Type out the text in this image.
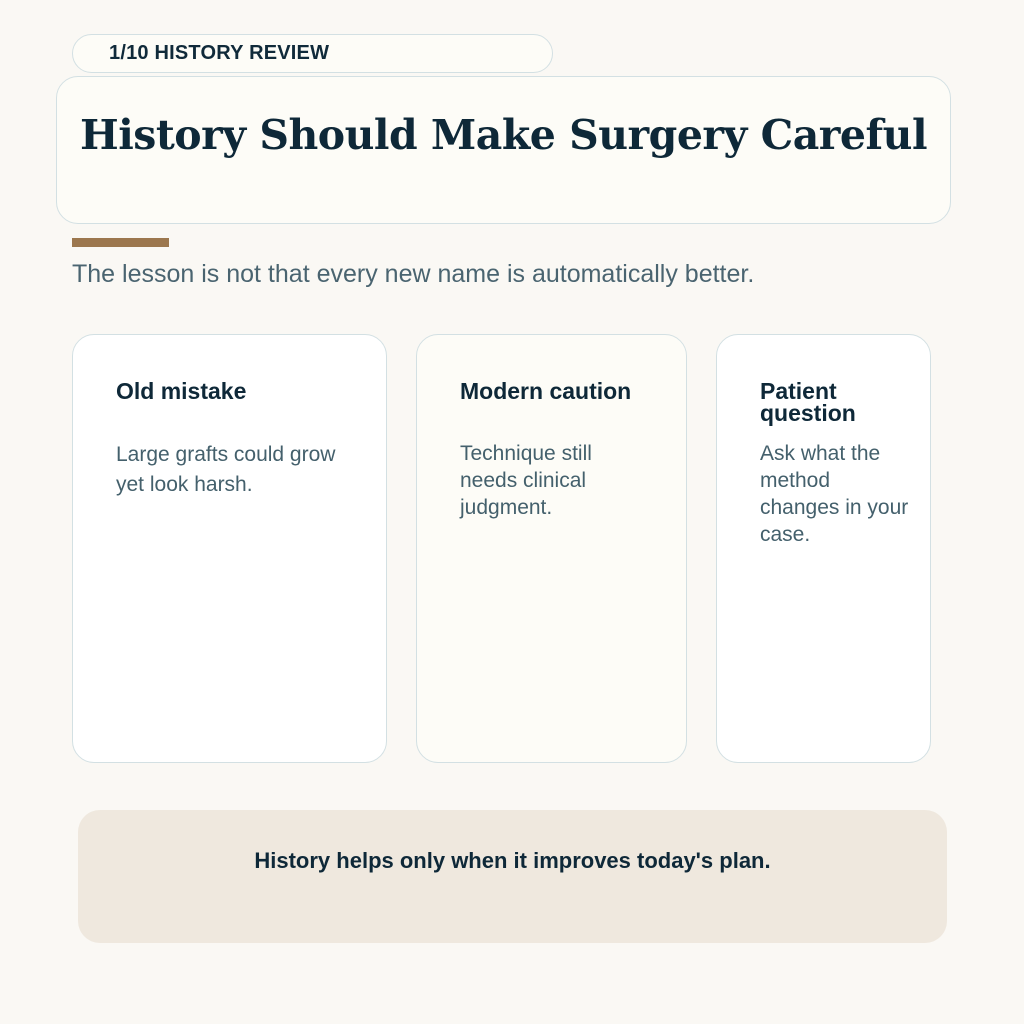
1/10 HISTORY REVIEW
History Should Make Surgery Careful
The lesson is not that every new name is automatically better.
Old mistake

Large grafts could grow yet look harsh.

Modern caution

Technique still needs clinical judgment.

Patient question

Ask what the method changes in your case.

History helps only when it improves today's plan.
